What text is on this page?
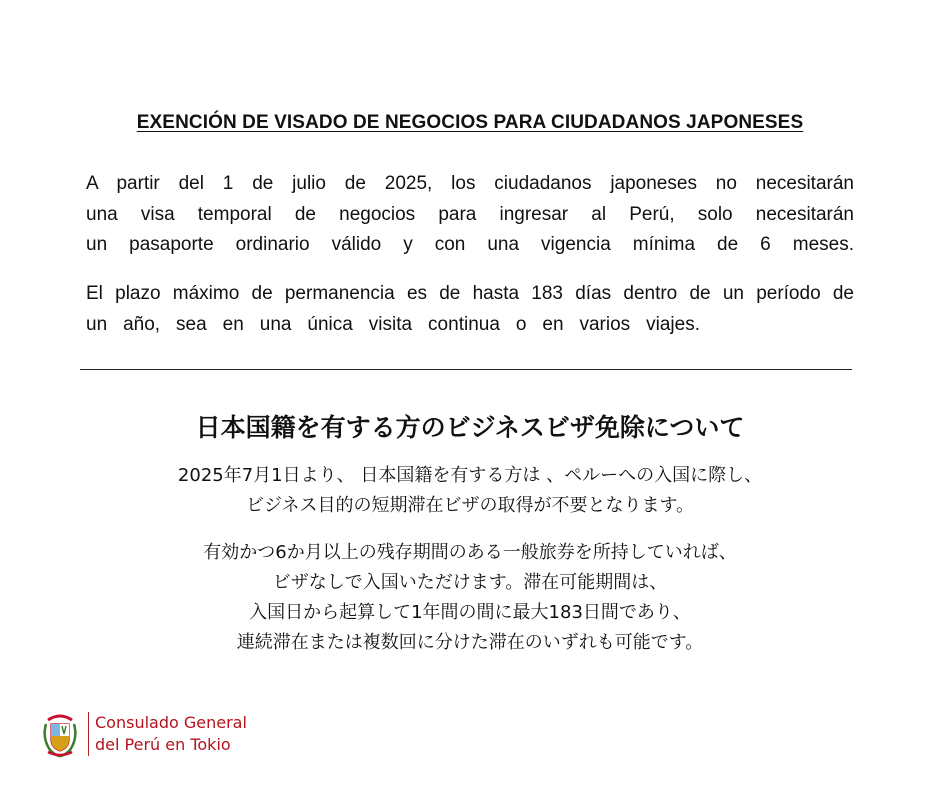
EXENCIÓN DE VISADO DE NEGOCIOS PARA CIUDADANOS JAPONESES
A partir del 1 de julio de 2025, los ciudadanos japoneses no necesitarán
una visa temporal de negocios para ingresar al Perú, solo necesitarán
un pasaporte ordinario válido y con una vigencia mínima de 6 meses.
El plazo máximo de permanencia es de hasta 183 días dentro de un período de
un año, sea en una única visita continua o en varios viajes.
日本国籍を有する方のビジネスビザ免除について
2025年7月1日より、 日本国籍を有する方は 、ペルーへの入国に際し、
ビジネス目的の短期滞在ビザの取得が不要となります。
有効かつ6か月以上の残存期間のある一般旅券を所持していれば、
ビザなしで入国いただけます。滞在可能期間は、
入国日から起算して1年間の間に最大183日間であり、
連続滞在または複数回に分けた滞在のいずれも可能です。
Consulado General
del Perú en Tokio
